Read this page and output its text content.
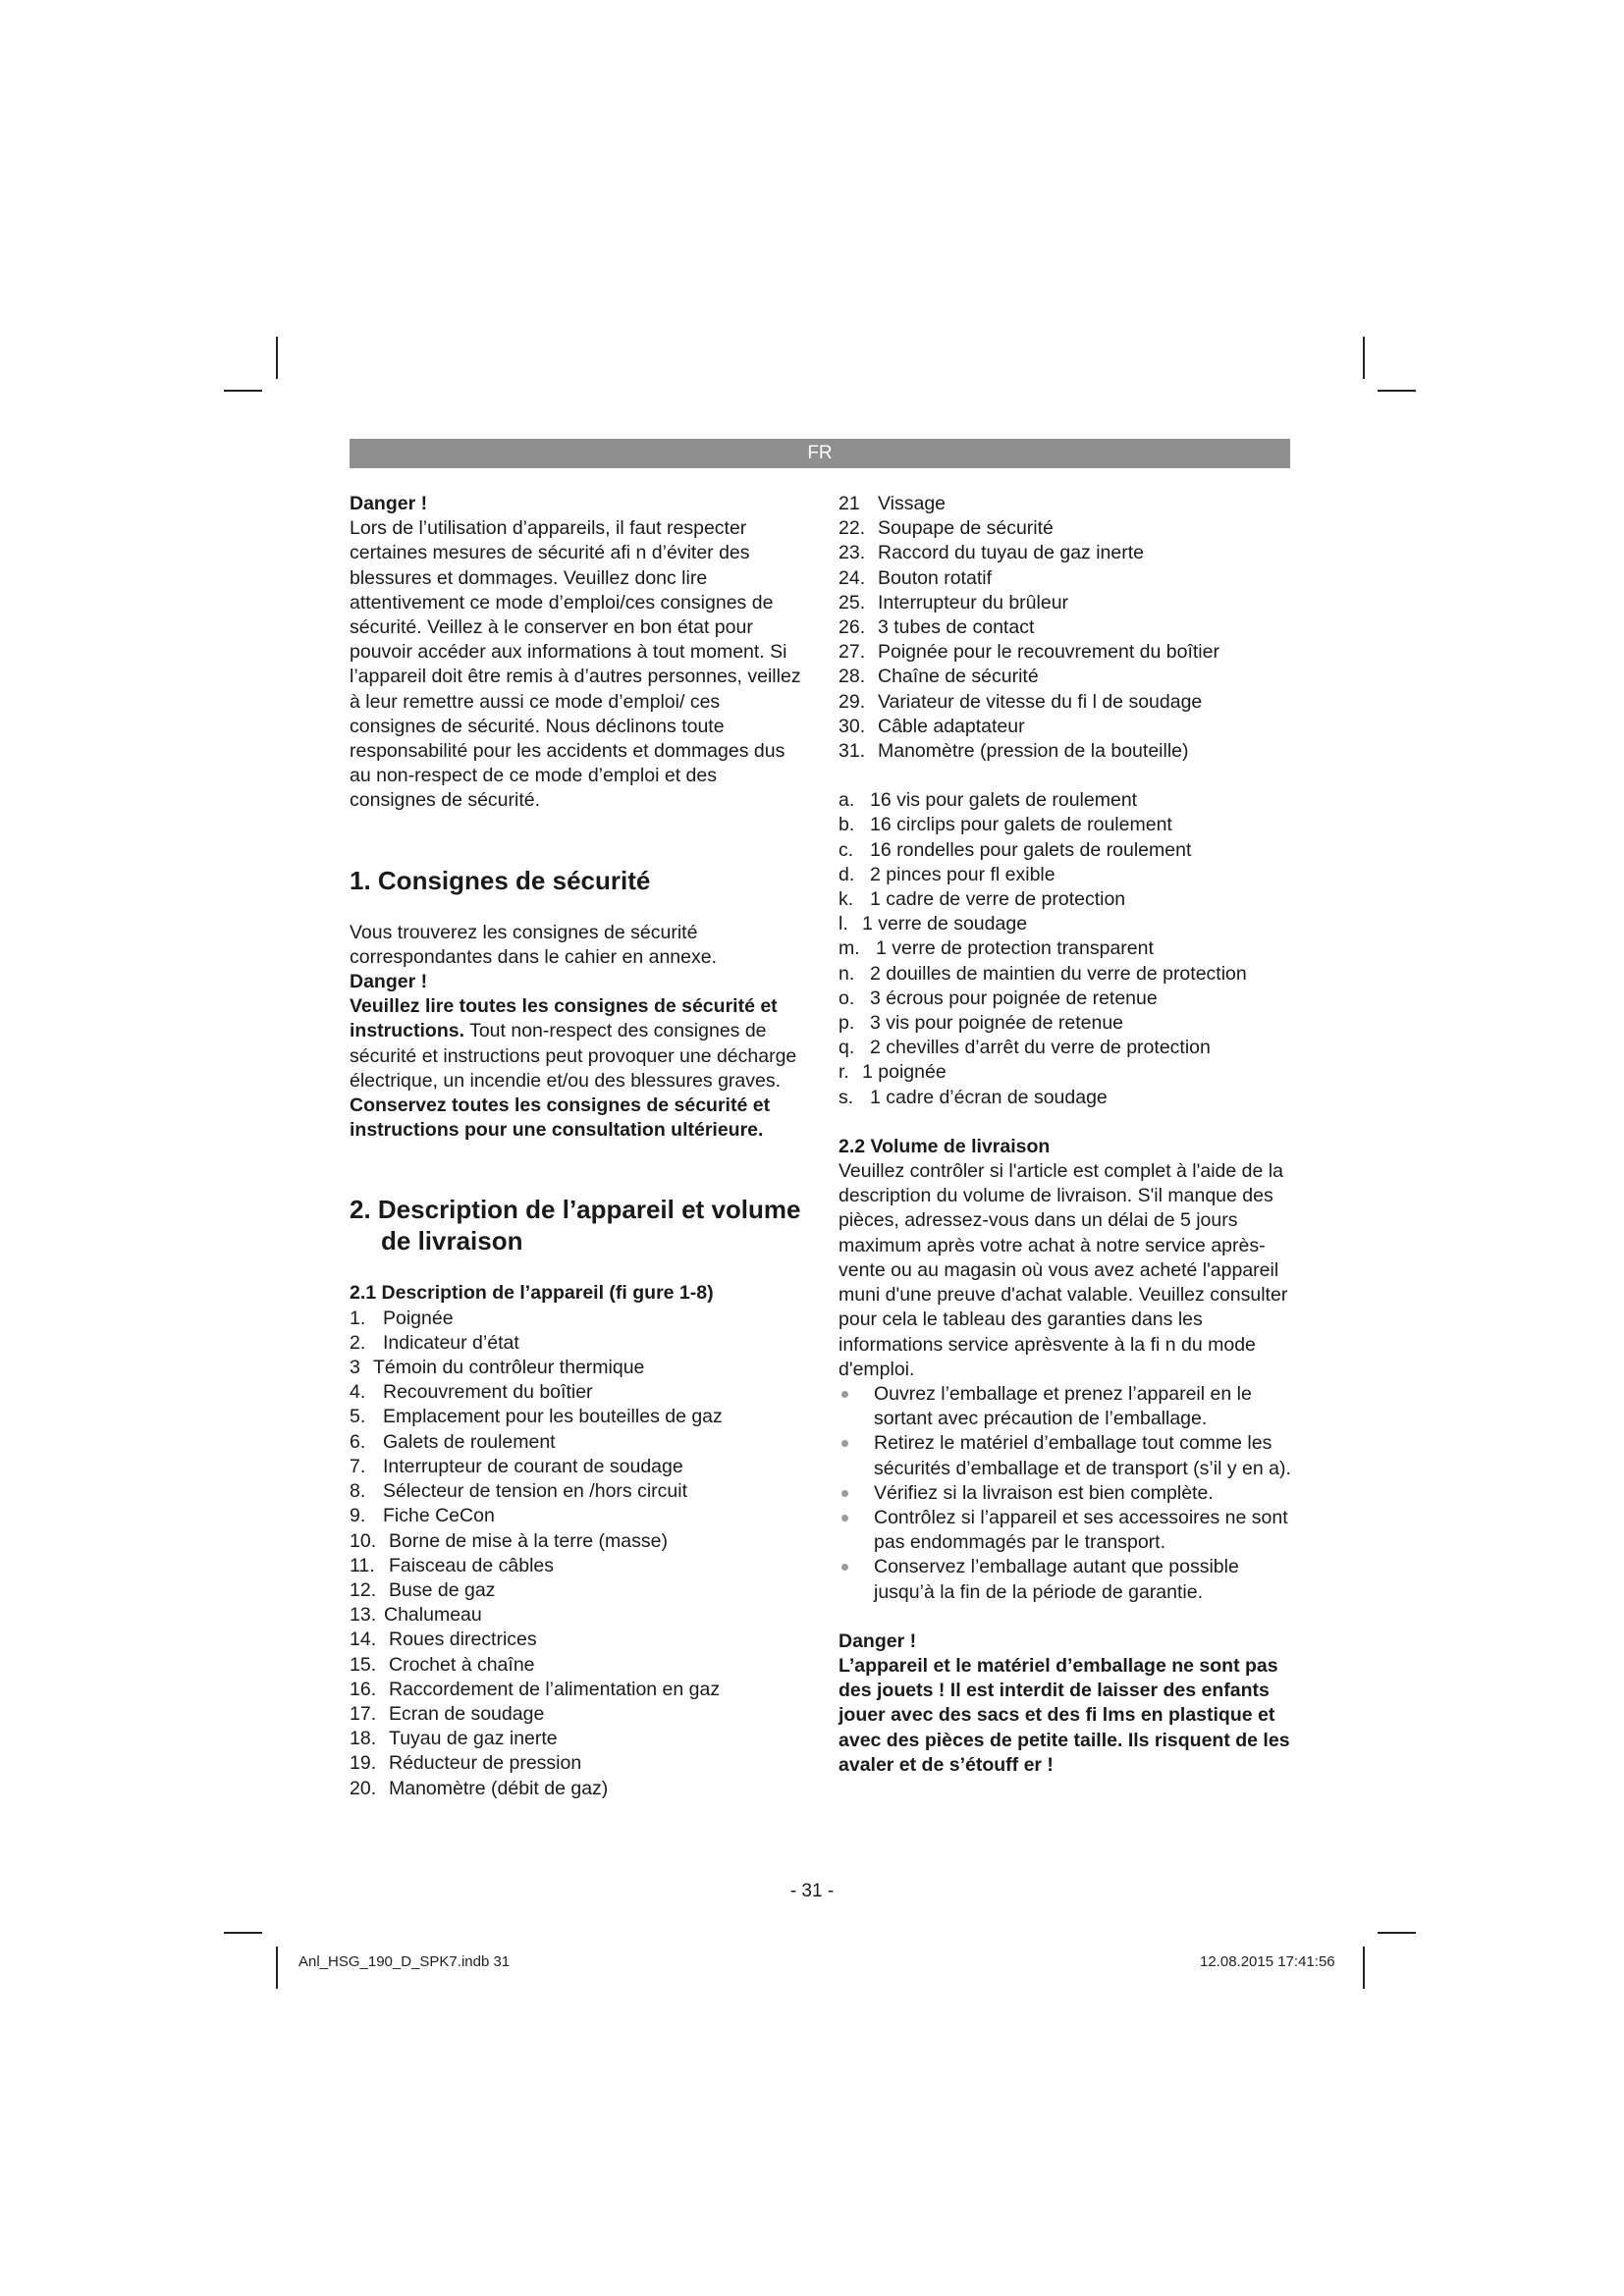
FR

Danger !

Lors de l’utilisation d’appareils, il faut respecter certaines mesures de sécurité afi n d’éviter des blessures et dommages. Veuillez donc lire attentivement ce mode d’emploi/ces consignes de sécurité. Veillez à le conserver en bon état pour pouvoir accéder aux informations à tout moment. Si l’appareil doit être remis à d’autres personnes, veillez à leur remettre aussi ce mode d’emploi/ ces consignes de sécurité. Nous déclinons toute responsabilité pour les accidents et dommages dus au non-respect de ce mode d’emploi et des consignes de sécurité.

1. Consignes de sécurité

Vous trouverez les consignes de sécurité correspondantes dans le cahier en annexe.

Danger !

Veuillez lire toutes les consignes de sécurité et instructions. Tout non-respect des consignes de sécurité et instructions peut provoquer une décharge électrique, un incendie et/ou des blessures graves.

Conservez toutes les consignes de sécurité et instructions pour une consultation ultérieure.

2. Description de l’appareil et volume de livraison

2.1 Description de l’appareil (fi gure 1-8)

1. Poignée
2. Indicateur d’état
3 Témoin du contrôleur thermique
4. Recouvrement du boîtier
5. Emplacement pour les bouteilles de gaz
6. Galets de roulement
7. Interrupteur de courant de soudage
8. Sélecteur de tension en /hors circuit
9. Fiche CeCon
10. Borne de mise à la terre (masse)
11. Faisceau de câbles
12. Buse de gaz
13. Chalumeau
14. Roues directrices
15. Crochet à chaîne
16. Raccordement de l’alimentation en gaz
17. Ecran de soudage
18. Tuyau de gaz inerte
19. Réducteur de pression
20. Manomètre (débit de gaz)
21 Vissage
22. Soupape de sécurité
23. Raccord du tuyau de gaz inerte
24. Bouton rotatif
25. Interrupteur du brûleur
26. 3 tubes de contact
27. Poignée pour le recouvrement du boîtier
28. Chaîne de sécurité
29. Variateur de vitesse du fi l de soudage
30. Câble adaptateur
31. Manomètre (pression de la bouteille)
a. 16 vis pour galets de roulement
b. 16 circlips pour galets de roulement
c. 16 rondelles pour galets de roulement
d. 2 pinces pour fl exible
k. 1 cadre de verre de protection
l. 1 verre de soudage
m. 1 verre de protection transparent
n. 2 douilles de maintien du verre de protection
o. 3 écrous pour poignée de retenue
p. 3 vis pour poignée de retenue
q. 2 chevilles d’arrêt du verre de protection
r. 1 poignée
s. 1 cadre d’écran de soudage

2.2 Volume de livraison

Veuillez contrôler si l'article est complet à l'aide de la description du volume de livraison. S'il manque des pièces, adressez-vous dans un délai de 5 jours maximum après votre achat à notre service après-vente ou au magasin où vous avez acheté l'appareil muni d'une preuve d'achat valable. Veuillez consulter pour cela le tableau des garanties dans les informations service aprèsvente à la fi n du mode d'emploi.

Ouvrez l’emballage et prenez l’appareil en le sortant avec précaution de l’emballage.
Retirez le matériel d’emballage tout comme les sécurités d’emballage et de transport (s’il y en a).
Vérifiez si la livraison est bien complète.
Contrôlez si l’appareil et ses accessoires ne sont pas endommagés par le transport.
Conservez l’emballage autant que possible jusqu’à la fin de la période de garantie.

Danger !

L’appareil et le matériel d’emballage ne sont pas des jouets ! Il est interdit de laisser des enfants jouer avec des sacs et des fi lms en plastique et avec des pièces de petite taille. Ils risquent de les avaler et de s’étouff er !

- 31 -
Anl_HSG_190_D_SPK7.indb 31	12.08.2015 17:41:56
